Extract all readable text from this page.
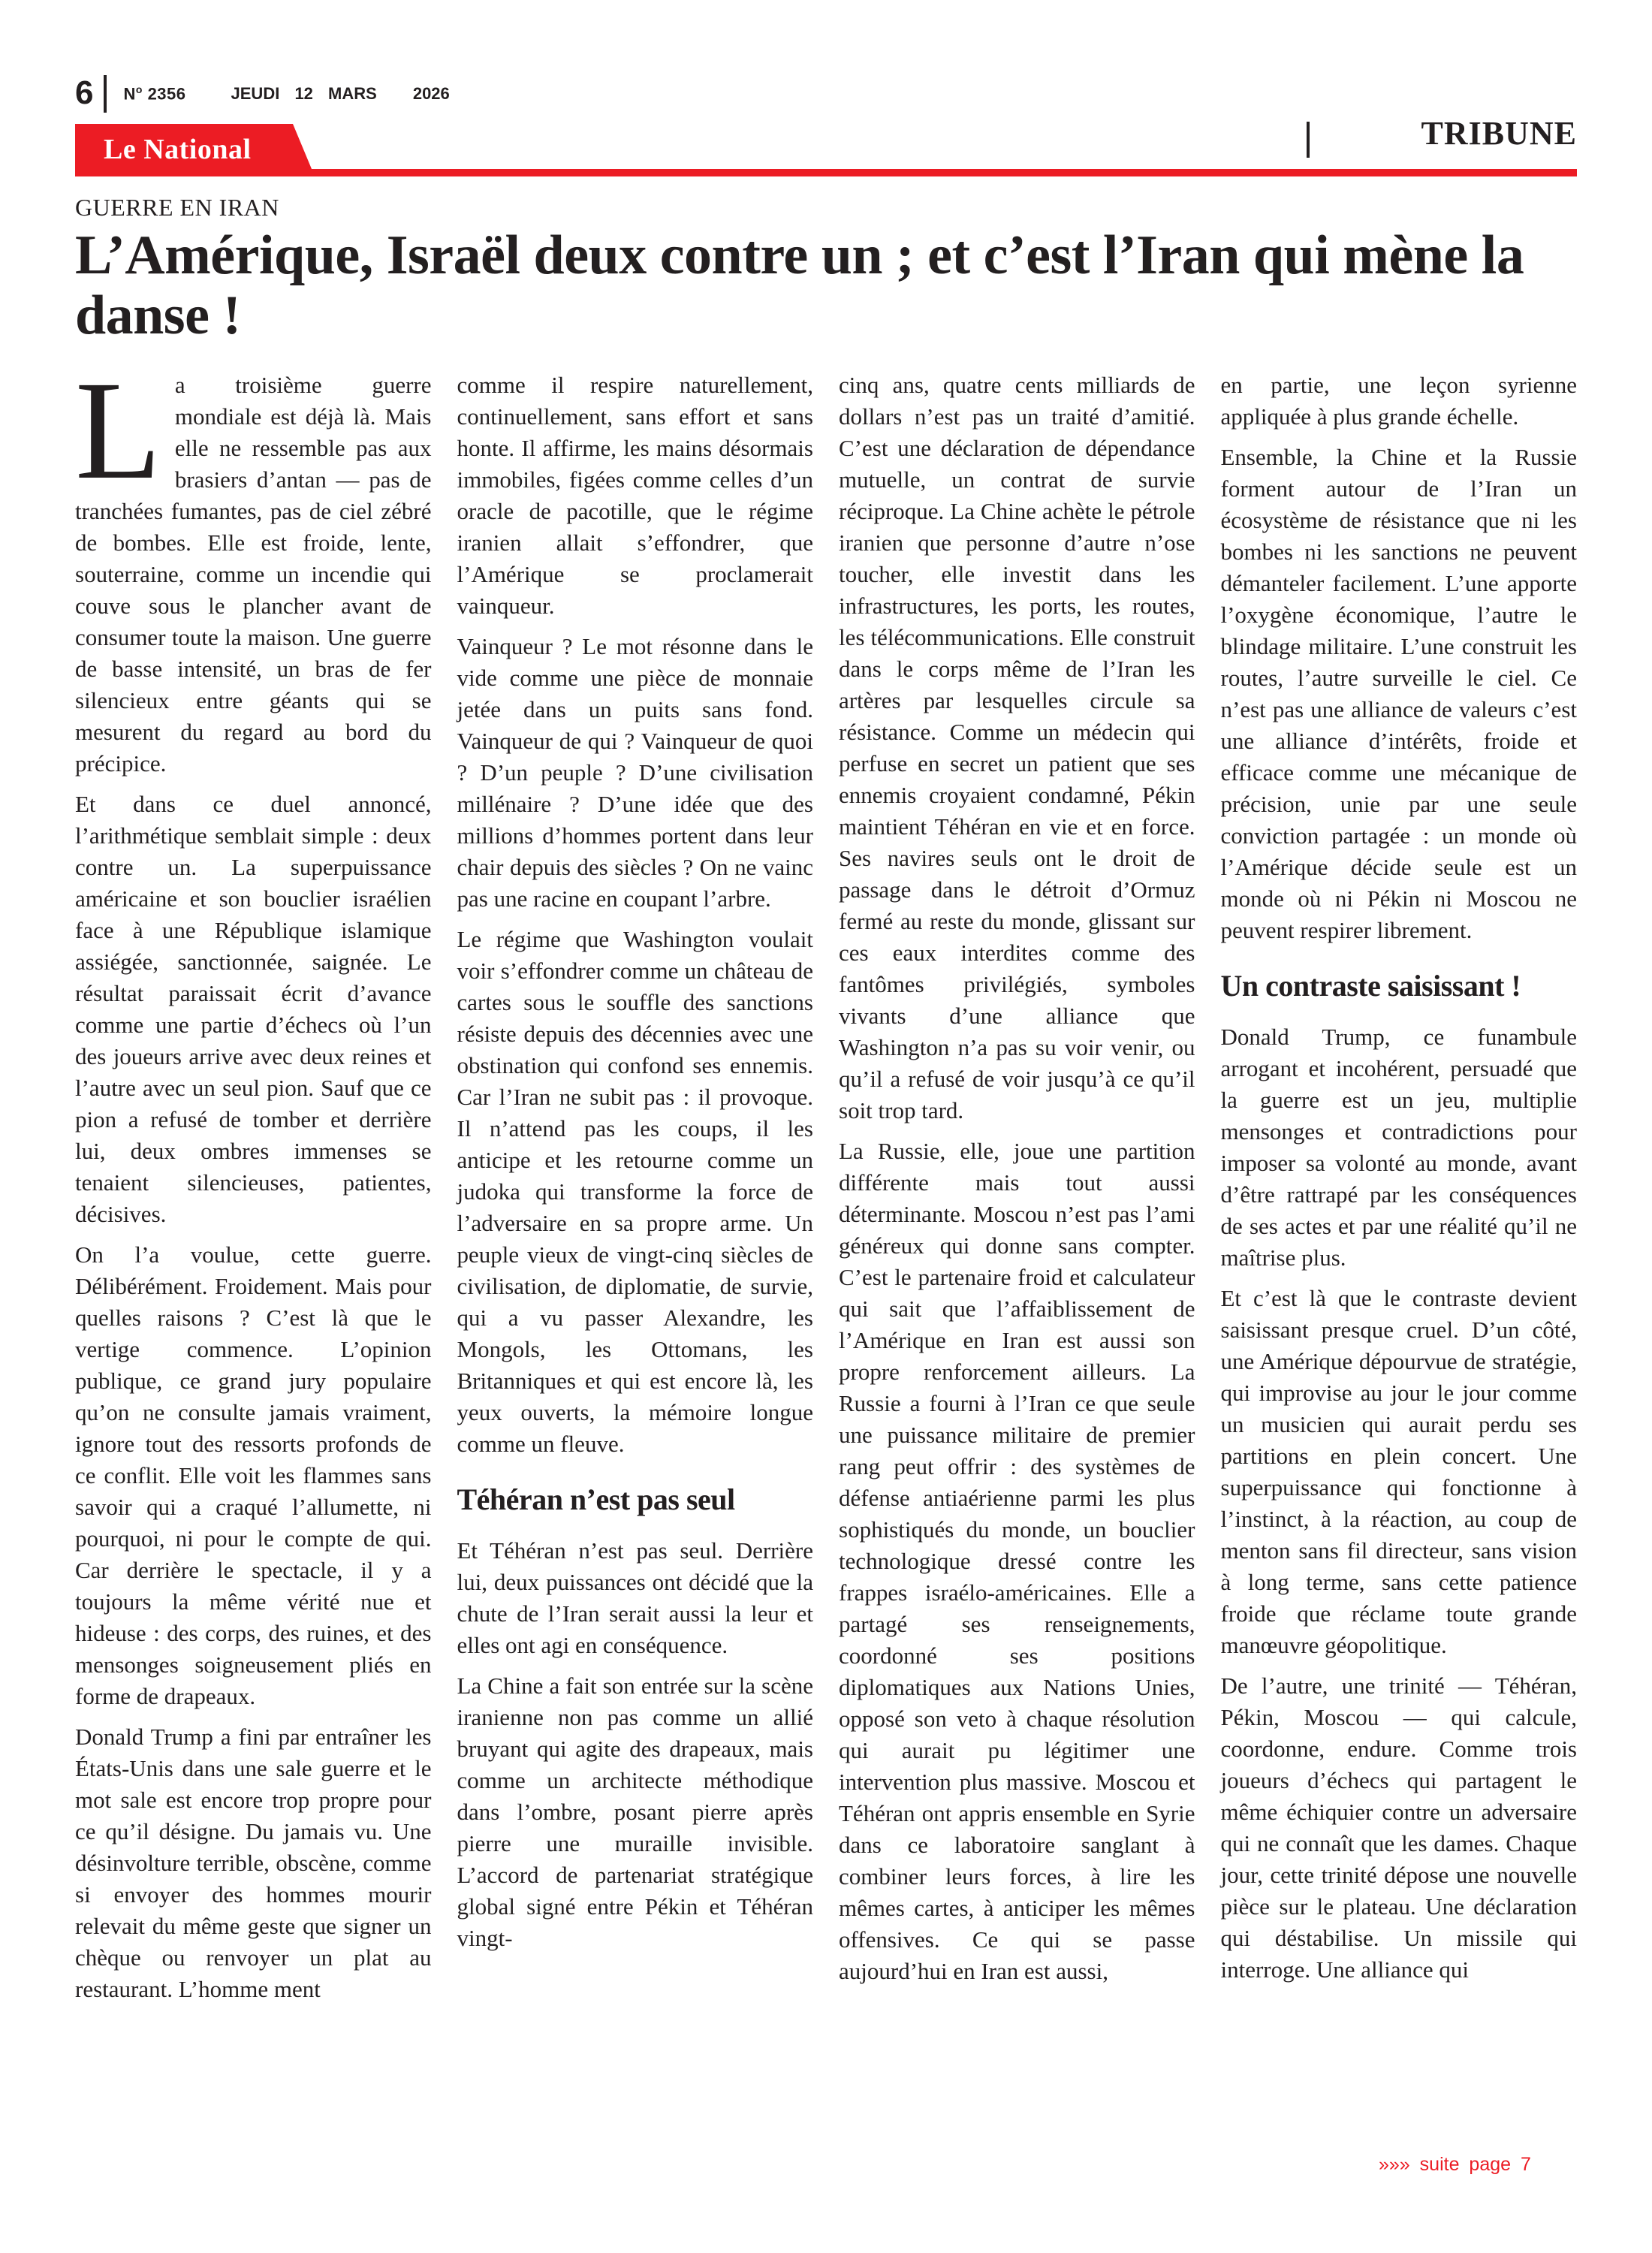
6	$N^o$ 2356	JEUDI 12 MARS 2026
Le National	TRIBUNE
GUERRE EN IRAN
L’Amérique, Israël deux contre un ; et c’est l’Iran qui mène la danse !

La troisième guerre mondiale est déjà là. Mais elle ne ressemble pas aux brasiers d’antan — pas de tranchées fumantes, pas de ciel zébré de bombes. Elle est froide, lente, souterraine, comme un incendie qui couve sous le plancher avant de consumer toute la maison. Une guerre de basse intensité, un bras de fer silencieux entre géants qui se mesurent du regard au bord du précipice.

Et dans ce duel annoncé, l’arithmétique semblait simple : deux contre un. La superpuissance américaine et son bouclier israélien face à une République islamique assiégée, sanctionnée, saignée. Le résultat paraissait écrit d’avance comme une partie d’échecs où l’un des joueurs arrive avec deux reines et l’autre avec un seul pion. Sauf que ce pion a refusé de tomber et derrière lui, deux ombres immenses se tenaient silencieuses, patientes, décisives.

On l’a voulue, cette guerre. Délibérément. Froidement. Mais pour quelles raisons ? C’est là que le vertige commence. L’opinion publique, ce grand jury populaire qu’on ne consulte jamais vraiment, ignore tout des ressorts profonds de ce conflit. Elle voit les flammes sans savoir qui a craqué l’allumette, ni pourquoi, ni pour le compte de qui. Car derrière le spectacle, il y a toujours la même vérité nue et hideuse : des corps, des ruines, et des mensonges soigneusement pliés en forme de drapeaux.

Donald Trump a fini par entraîner les États-Unis dans une sale guerre et le mot sale est encore trop propre pour ce qu’il désigne. Du jamais vu. Une désinvolture terrible, obscène, comme si envoyer des hommes mourir relevait du même geste que signer un chèque ou renvoyer un plat au restaurant. L’homme ment

comme il respire naturellement, continuellement, sans effort et sans honte. Il affirme, les mains désormais immobiles, figées comme celles d’un oracle de pacotille, que le régime iranien allait s’effondrer, que l’Amérique se proclamerait vainqueur.

Vainqueur ? Le mot résonne dans le vide comme une pièce de monnaie jetée dans un puits sans fond. Vainqueur de qui ? Vainqueur de quoi ? D’un peuple ? D’une civilisation millénaire ? D’une idée que des millions d’hommes portent dans leur chair depuis des siècles ? On ne vainc pas une racine en coupant l’arbre.

Le régime que Washington voulait voir s’effondrer comme un château de cartes sous le souffle des sanctions résiste depuis des décennies avec une obstination qui confond ses ennemis. Car l’Iran ne subit pas : il provoque. Il n’attend pas les coups, il les anticipe et les retourne comme un judoka qui transforme la force de l’adversaire en sa propre arme. Un peuple vieux de vingt-cinq siècles de civilisation, de diplomatie, de survie, qui a vu passer Alexandre, les Mongols, les Ottomans, les Britanniques et qui est encore là, les yeux ouverts, la mémoire longue comme un fleuve.

Téhéran n’est pas seul

Et Téhéran n’est pas seul. Derrière lui, deux puissances ont décidé que la chute de l’Iran serait aussi la leur et elles ont agi en conséquence.

La Chine a fait son entrée sur la scène iranienne non pas comme un allié bruyant qui agite des drapeaux, mais comme un architecte méthodique dans l’ombre, posant pierre après pierre une muraille invisible. L’accord de partenariat stratégique global signé entre Pékin et Téhéran vingt-

cinq ans, quatre cents milliards de dollars n’est pas un traité d’amitié. C’est une déclaration de dépendance mutuelle, un contrat de survie réciproque. La Chine achète le pétrole iranien que personne d’autre n’ose toucher, elle investit dans les infrastructures, les ports, les routes, les télécommunications. Elle construit dans le corps même de l’Iran les artères par lesquelles circule sa résistance. Comme un médecin qui perfuse en secret un patient que ses ennemis croyaient condamné, Pékin maintient Téhéran en vie et en force. Ses navires seuls ont le droit de passage dans le détroit d’Ormuz fermé au reste du monde, glissant sur ces eaux interdites comme des fantômes privilégiés, symboles vivants d’une alliance que Washington n’a pas su voir venir, ou qu’il a refusé de voir jusqu’à ce qu’il soit trop tard.

La Russie, elle, joue une partition différente mais tout aussi déterminante. Moscou n’est pas l’ami généreux qui donne sans compter. C’est le partenaire froid et calculateur qui sait que l’affaiblissement de l’Amérique en Iran est aussi son propre renforcement ailleurs. La Russie a fourni à l’Iran ce que seule une puissance militaire de premier rang peut offrir : des systèmes de défense antiaérienne parmi les plus sophistiqués du monde, un bouclier technologique dressé contre les frappes israélo-américaines. Elle a partagé ses renseignements, coordonné ses positions diplomatiques aux Nations Unies, opposé son veto à chaque résolution qui aurait pu légitimer une intervention plus massive. Moscou et Téhéran ont appris ensemble en Syrie dans ce laboratoire sanglant à combiner leurs forces, à lire les mêmes cartes, à anticiper les mêmes offensives. Ce qui se passe aujourd’hui en Iran est aussi,

en partie, une leçon syrienne appliquée à plus grande échelle.

Ensemble, la Chine et la Russie forment autour de l’Iran un écosystème de résistance que ni les bombes ni les sanctions ne peuvent démanteler facilement. L’une apporte l’oxygène économique, l’autre le blindage militaire. L’une construit les routes, l’autre surveille le ciel. Ce n’est pas une alliance de valeurs c’est une alliance d’intérêts, froide et efficace comme une mécanique de précision, unie par une seule conviction partagée : un monde où l’Amérique décide seule est un monde où ni Pékin ni Moscou ne peuvent respirer librement.

Un contraste saisissant !

Donald Trump, ce funambule arrogant et incohérent, persuadé que la guerre est un jeu, multiplie mensonges et contradictions pour imposer sa volonté au monde, avant d’être rattrapé par les conséquences de ses actes et par une réalité qu’il ne maîtrise plus.

Et c’est là que le contraste devient saisissant presque cruel. D’un côté, une Amérique dépourvue de stratégie, qui improvise au jour le jour comme un musicien qui aurait perdu ses partitions en plein concert. Une superpuissance qui fonctionne à l’instinct, à la réaction, au coup de menton sans fil directeur, sans vision à long terme, sans cette patience froide que réclame toute grande manœuvre géopolitique.

De l’autre, une trinité — Téhéran, Pékin, Moscou — qui calcule, coordonne, endure. Comme trois joueurs d’échecs qui partagent le même échiquier contre un adversaire qui ne connaît que les dames. Chaque jour, cette trinité dépose une nouvelle pièce sur le plateau. Une déclaration qui déstabilise. Un missile qui interroge. Une alliance qui

»»» suite page 7
